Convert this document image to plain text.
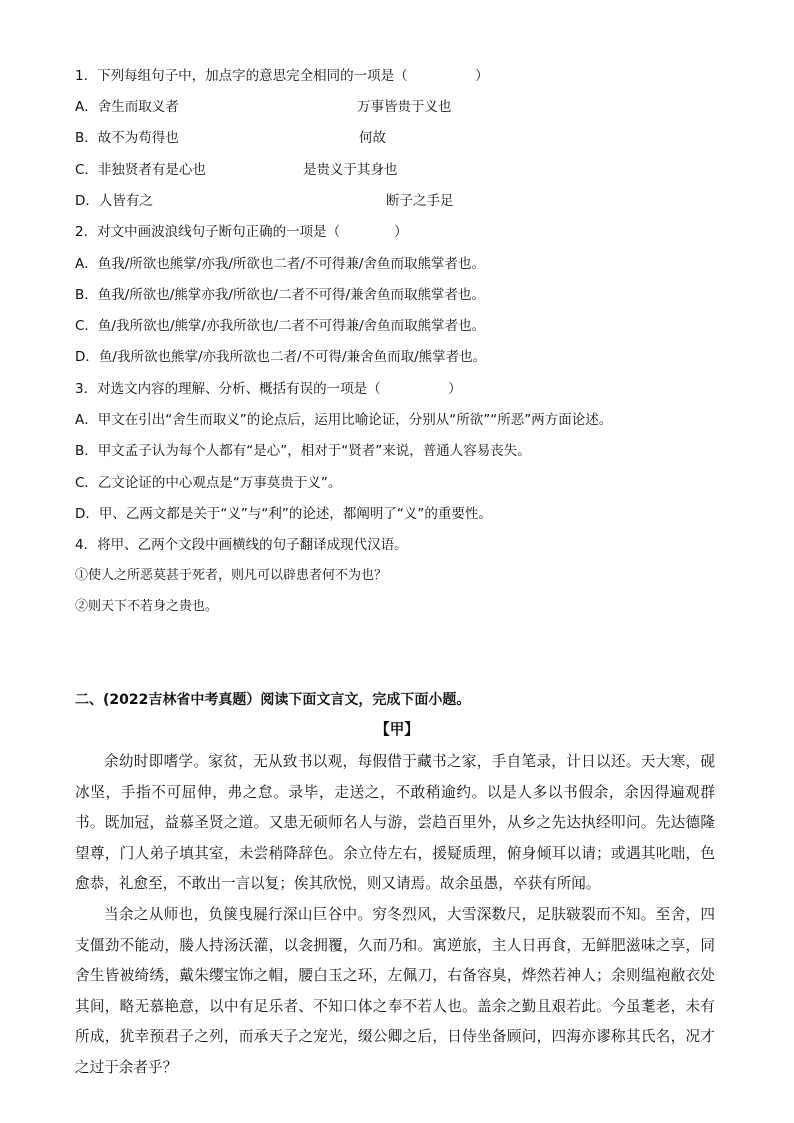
1．下列每组句子中，加点字的意思完全相同的一项是（　　　　　）
A．舍生而取义者	万事皆贵于义也
B．故不为苟得也	何故
C．非独贤者有是心也	是贵义于其身也
D．人皆有之	断子之手足
2．对文中画波浪线句子断句正确的一项是（　　　　）
A．鱼我/所欲也熊掌/亦我/所欲也二者/不可得兼/舍鱼而取熊掌者也。
B．鱼我/所欲也/熊掌亦我/所欲也/二者不可得/兼舍鱼而取熊掌者也。
C．鱼/我所欲也/熊掌/亦我所欲也/二者不可得兼/舍鱼而取熊掌者也。
D．鱼/我所欲也熊掌/亦我所欲也二者/不可得/兼舍鱼而取/熊掌者也。
3．对选文内容的理解、分析、概括有误的一项是（　　　　　）
A．甲文在引出“舍生而取义”的论点后，运用比喻论证，分别从“所欲”“所恶”两方面论述。
B．甲文孟子认为每个人都有“是心”，相对于“贤者”来说，普通人容易丧失。
C．乙文论证的中心观点是“万事莫贵于义”。
D．甲、乙两文都是关于“义”与“利”的论述，都阐明了“义”的重要性。
4．将甲、乙两个文段中画横线的句子翻译成现代汉语。
①使人之所恶莫甚于死者，则凡可以辟患者何不为也？
②则天下不若身之贵也。
二、(2022吉林省中考真题）阅读下面文言文，完成下面小题。
【甲】
余幼时即嗜学。家贫，无从致书以观，每假借于藏书之家，手自笔录，计日以还。天大寒，砚冰坚，手指不可屈伸，弗之怠。录毕，走送之，不敢稍逾约。以是人多以书假余，余因得遍观群书。既加冠，益慕圣贤之道。又患无硕师名人与游，尝趋百里外，从乡之先达执经叩问。先达德隆望尊，门人弟子填其室，未尝稍降辞色。余立侍左右，援疑质理，俯身倾耳以请；或遇其叱咄，色愈恭，礼愈至，不敢出一言以复；俟其欣悦，则又请焉。故余虽愚，卒获有所闻。
当余之从师也，负箧曳屣行深山巨谷中。穷冬烈风，大雪深数尺，足肤皲裂而不知。至舍，四支僵劲不能动，媵人持汤沃灌，以衾拥覆，久而乃和。寓逆旅，主人日再食，无鲜肥滋味之享，同舍生皆被绮绣，戴朱缨宝饰之帽，腰白玉之环，左佩刀，右备容臭，烨然若神人；余则缊袍敝衣处其间，略无慕艳意，以中有足乐者、不知口体之奉不若人也。盖余之勤且艰若此。今虽耄老，未有所成，犹幸预君子之列，而承天子之宠光，缀公卿之后，日侍坐备顾问，四海亦谬称其氏名，况才之过于余者乎？
